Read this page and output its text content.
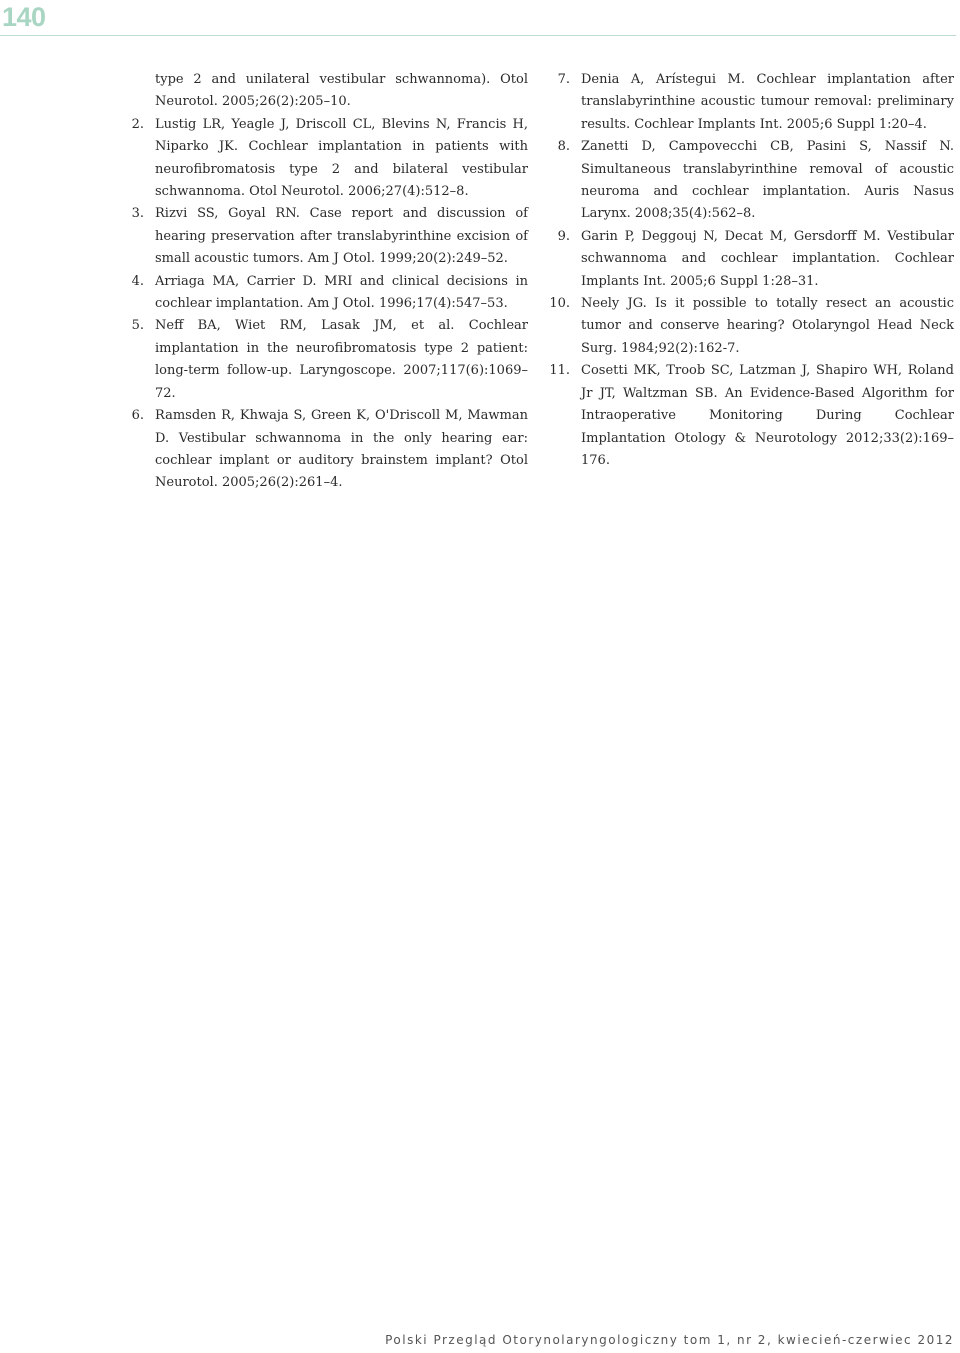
140
type 2 and unilateral vestibular schwannoma). Otol Neurotol. 2005;26(2):205–10.
2. Lustig LR, Yeagle J, Driscoll CL, Blevins N, Francis H, Niparko JK. Cochlear implantation in patients with neurofibromatosis type 2 and bilateral vestibular schwannoma. Otol Neurotol. 2006;27(4):512–8.
3. Rizvi SS, Goyal RN. Case report and discussion of hearing preservation after translabyrinthine excision of small acoustic tumors. Am J Otol. 1999;20(2):249–52.
4. Arriaga MA, Carrier D. MRI and clinical decisions in cochlear implantation. Am J Otol. 1996;17(4):547–53.
5. Neff BA, Wiet RM, Lasak JM, et al. Cochlear implantation in the neurofibromatosis type 2 patient: long-term follow-up. Laryngoscope. 2007;117(6):1069–72.
6. Ramsden R, Khwaja S, Green K, O'Driscoll M, Mawman D. Vestibular schwannoma in the only hearing ear: cochlear implant or auditory brainstem implant? Otol Neurotol. 2005;26(2):261–4.
7. Denia A, Arístegui M. Cochlear implantation after translabyrinthine acoustic tumour removal: preliminary results. Cochlear Implants Int. 2005;6 Suppl 1:20–4.
8. Zanetti D, Campovecchi CB, Pasini S, Nassif N. Simultaneous translabyrinthine removal of acoustic neuroma and cochlear implantation. Auris Nasus Larynx. 2008;35(4):562–8.
9. Garin P, Deggouj N, Decat M, Gersdorff M. Vestibular schwannoma and cochlear implantation. Cochlear Implants Int. 2005;6 Suppl 1:28–31.
10. Neely JG. Is it possible to totally resect an acoustic tumor and conserve hearing? Otolaryngol Head Neck Surg. 1984;92(2):162-7.
11. Cosetti MK, Troob SC, Latzman J, Shapiro WH, Roland Jr JT, Waltzman SB. An Evidence-Based Algorithm for Intraoperative Monitoring During Cochlear Implantation Otology & Neurotology 2012;33(2):169–176.
Polski Przegląd Otorynolaryngologiczny tom 1, nr 2, kwiecień-czerwiec 2012
